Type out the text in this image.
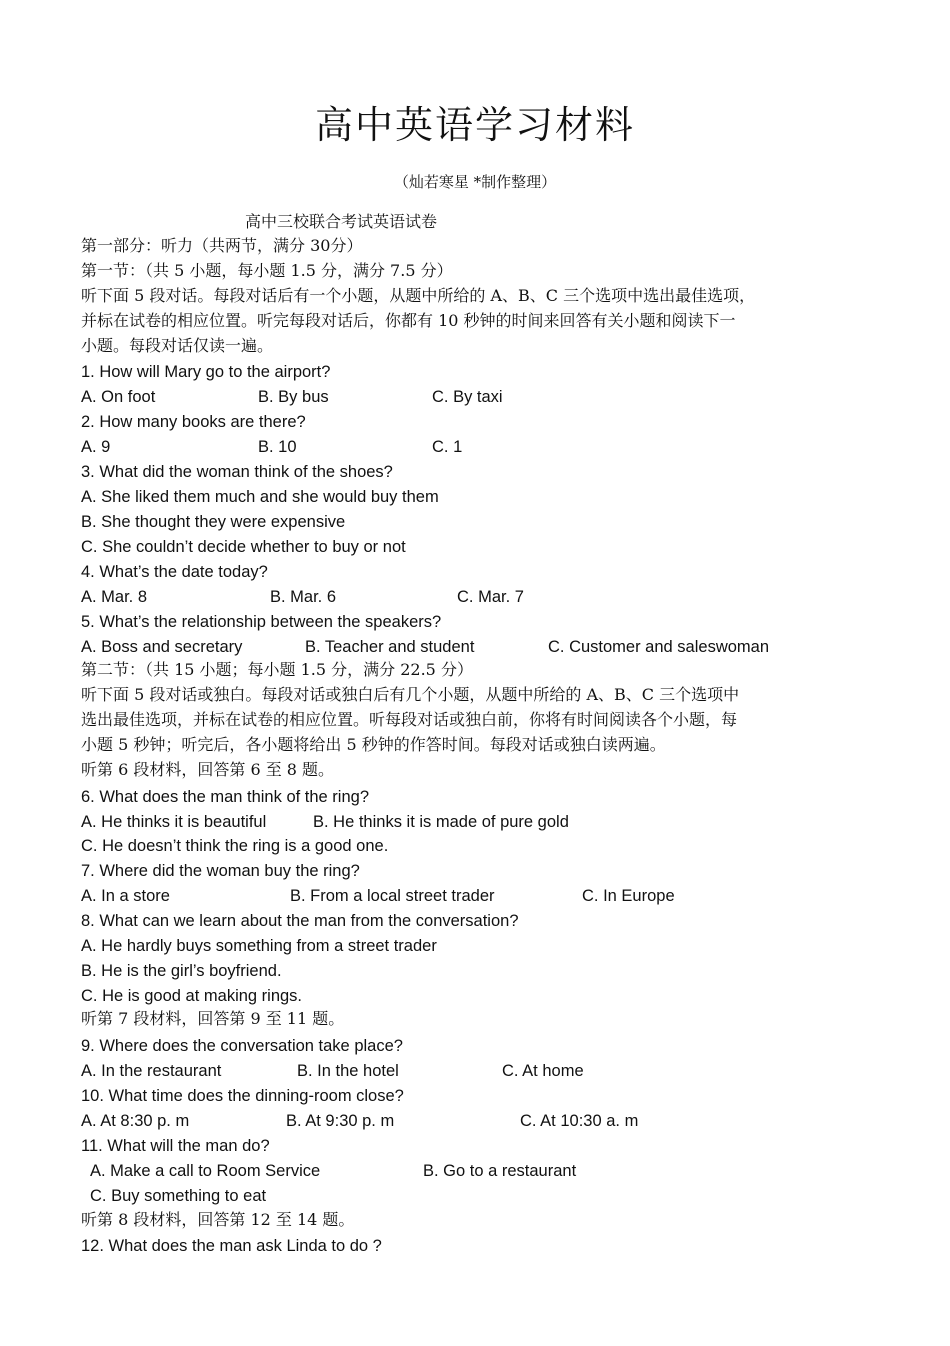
高中英语学习材料
（灿若寒星 *制作整理）
高中三校联合考试英语试卷
第一部分：听力（共两节，满分 30分）
第一节：（共 5 小题，每小题 1.5 分，满分 7.5 分）
听下面 5 段对话。每段对话后有一个小题，从题中所给的 A、B、C 三个选项中选出最佳选项，
并标在试卷的相应位置。听完每段对话后，你都有 10 秒钟的时间来回答有关小题和阅读下一
小题。每段对话仅读一遍。
1. How will Mary go to the airport?
A. On foot	B. By bus	C. By taxi
2. How many books are there?
A. 9	B. 10	C. 1
3. What did the woman think of the shoes?
A. She liked them much and she would buy them
B. She thought they were expensive
C. She couldn’t decide whether to buy or not
4. What’s the date today?
A. Mar. 8	B. Mar. 6	C. Mar. 7
5. What’s the relationship between the speakers?
A. Boss and secretary	B. Teacher and student	C. Customer and saleswoman
第二节：（共 15 小题；每小题 1.5 分，满分 22.5 分）
听下面 5 段对话或独白。每段对话或独白后有几个小题，从题中所给的 A、B、C 三个选项中
选出最佳选项，并标在试卷的相应位置。听每段对话或独白前，你将有时间阅读各个小题，每
小题 5 秒钟；听完后，各小题将给出 5 秒钟的作答时间。每段对话或独白读两遍。
听第 6 段材料，回答第 6 至 8 题。
6. What does the man think of the ring?
A. He thinks it is beautiful	B. He thinks it is made of pure gold
C. He doesn’t think the ring is a good one.
7. Where did the woman buy the ring?
A. In a store	B. From a local street trader	C. In Europe
8. What can we learn about the man from the conversation?
A. He hardly buys something from a street trader
B. He is the girl’s boyfriend.
C. He is good at making rings.
听第 7 段材料，回答第 9 至 11 题。
9. Where does the conversation take place?
A. In the restaurant	B. In the hotel	C. At home
10. What time does the dinning-room close?
A. At 8:30 p. m	B. At 9:30 p. m	C. At 10:30 a. m
11. What will the man do?
A. Make a call to Room Service	B. Go to a restaurant
C. Buy something to eat
听第 8 段材料，回答第 12 至 14 题。
12. What does the man ask Linda to do ?
